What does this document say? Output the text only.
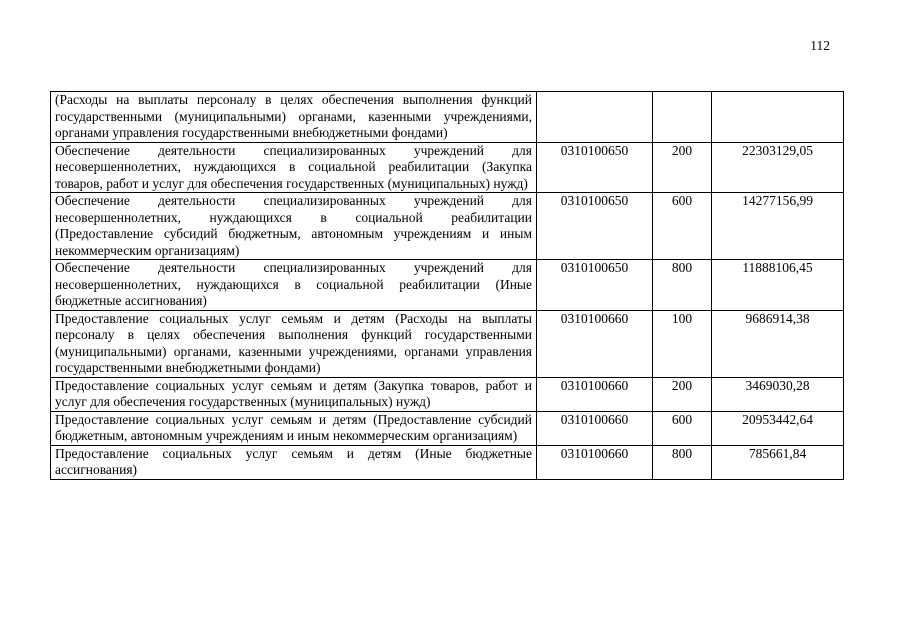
112
(Расходы на выплаты персоналу в целях обеспечения выполнения функций государственными (муниципальными) органами, казенными учреждениями, органами управления государственными внебюджетными фондами)			
Обеспечение деятельности специализированных учреждений для несовершеннолетних, нуждающихся в социальной реабилитации (Закупка товаров, работ и услуг для обеспечения государственных (муниципальных) нужд)	0310100650	200	22303129,05
Обеспечение деятельности специализированных учреждений для несовершеннолетних, нуждающихся в социальной реабилитации (Предоставление субсидий бюджетным, автономным учреждениям и иным некоммерческим организациям)	0310100650	600	14277156,99
Обеспечение деятельности специализированных учреждений для несовершеннолетних, нуждающихся в социальной реабилитации (Иные бюджетные ассигнования)	0310100650	800	11888106,45
Предоставление социальных услуг семьям и детям (Расходы на выплаты персоналу в целях обеспечения выполнения функций государственными (муниципальными) органами, казенными учреждениями, органами управления государственными внебюджетными фондами)	0310100660	100	9686914,38
Предоставление социальных услуг семьям и детям (Закупка товаров, работ и услуг для обеспечения государственных (муниципальных) нужд)	0310100660	200	3469030,28
Предоставление социальных услуг семьям и детям (Предоставление субсидий бюджетным, автономным учреждениям и иным некоммерческим организациям)	0310100660	600	20953442,64
Предоставление социальных услуг семьям и детям (Иные бюджетные ассигнования)	0310100660	800	785661,84
